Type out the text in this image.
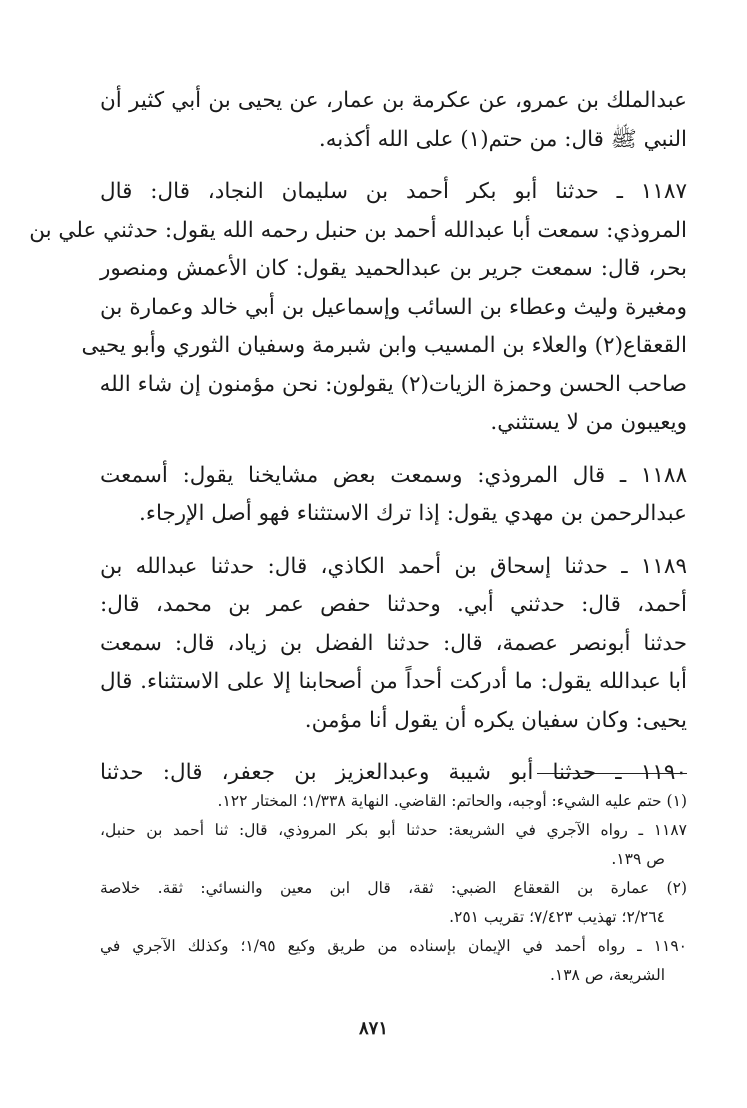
عبدالملك بن عمرو، عن عكرمة بن عمار، عن يحيى بن أبي كثير أن
النبي ﷺ قال: من حتم(١) على الله أكذبه.

١١٨٧ ـ حدثنا أبو بكر أحمد بن سليمان النجاد، قال: قال
المروذي: سمعت أبا عبدالله أحمد بن حنبل رحمه الله يقول: حدثني علي بن
بحر، قال: سمعت جرير بن عبدالحميد يقول: كان الأعمش ومنصور
ومغيرة وليث وعطاء بن السائب وإسماعيل بن أبي خالد وعمارة بن
القعقاع(٢) والعلاء بن المسيب وابن شبرمة وسفيان الثوري وأبو يحيى
صاحب الحسن وحمزة الزيات(٢) يقولون: نحن مؤمنون إن شاء الله
ويعيبون من لا يستثني.

١١٨٨ ـ قال المروذي: وسمعت بعض مشايخنا يقول: أسمعت
عبدالرحمن بن مهدي يقول: إذا ترك الاستثناء فهو أصل الإرجاء.

١١٨٩ ـ حدثنا إسحاق بن أحمد الكاذي، قال: حدثنا عبدالله بن
أحمد، قال: حدثني أبي. وحدثنا حفص عمر بن محمد، قال:
حدثنا أبونصر عصمة، قال: حدثنا الفضل بن زياد، قال: سمعت
أبا عبدالله يقول: ما أدركت أحداً من أصحابنا إلا على الاستثناء. قال
يحيى: وكان سفيان يكره أن يقول أنا مؤمن.

١١٩٠ ـ حدثنا أبو شيبة وعبدالعزيز بن جعفر، قال: حدثنا

(١) حتم عليه الشيء: أوجبه، والحاتم: القاضي. النهاية ١/٣٣٨؛ المختار ١٢٢.

١١٨٧ ـ رواه الآجري في الشريعة: حدثنا أبو بكر المروذي، قال: ثنا أحمد بن حنبل،
ص ١٣٩.

(٢) عمارة بن القعقاع الضبي: ثقة، قال ابن معين والنسائي: ثقة. خلاصة
٢/٢٦٤؛ تهذيب ٧/٤٢٣؛ تقريب ٢٥١.

١١٩٠ ـ رواه أحمد في الإيمان بإسناده من طريق وكيع ١/٩٥؛ وكذلك الآجري في
الشريعة، ص ١٣٨.

٨٧١
